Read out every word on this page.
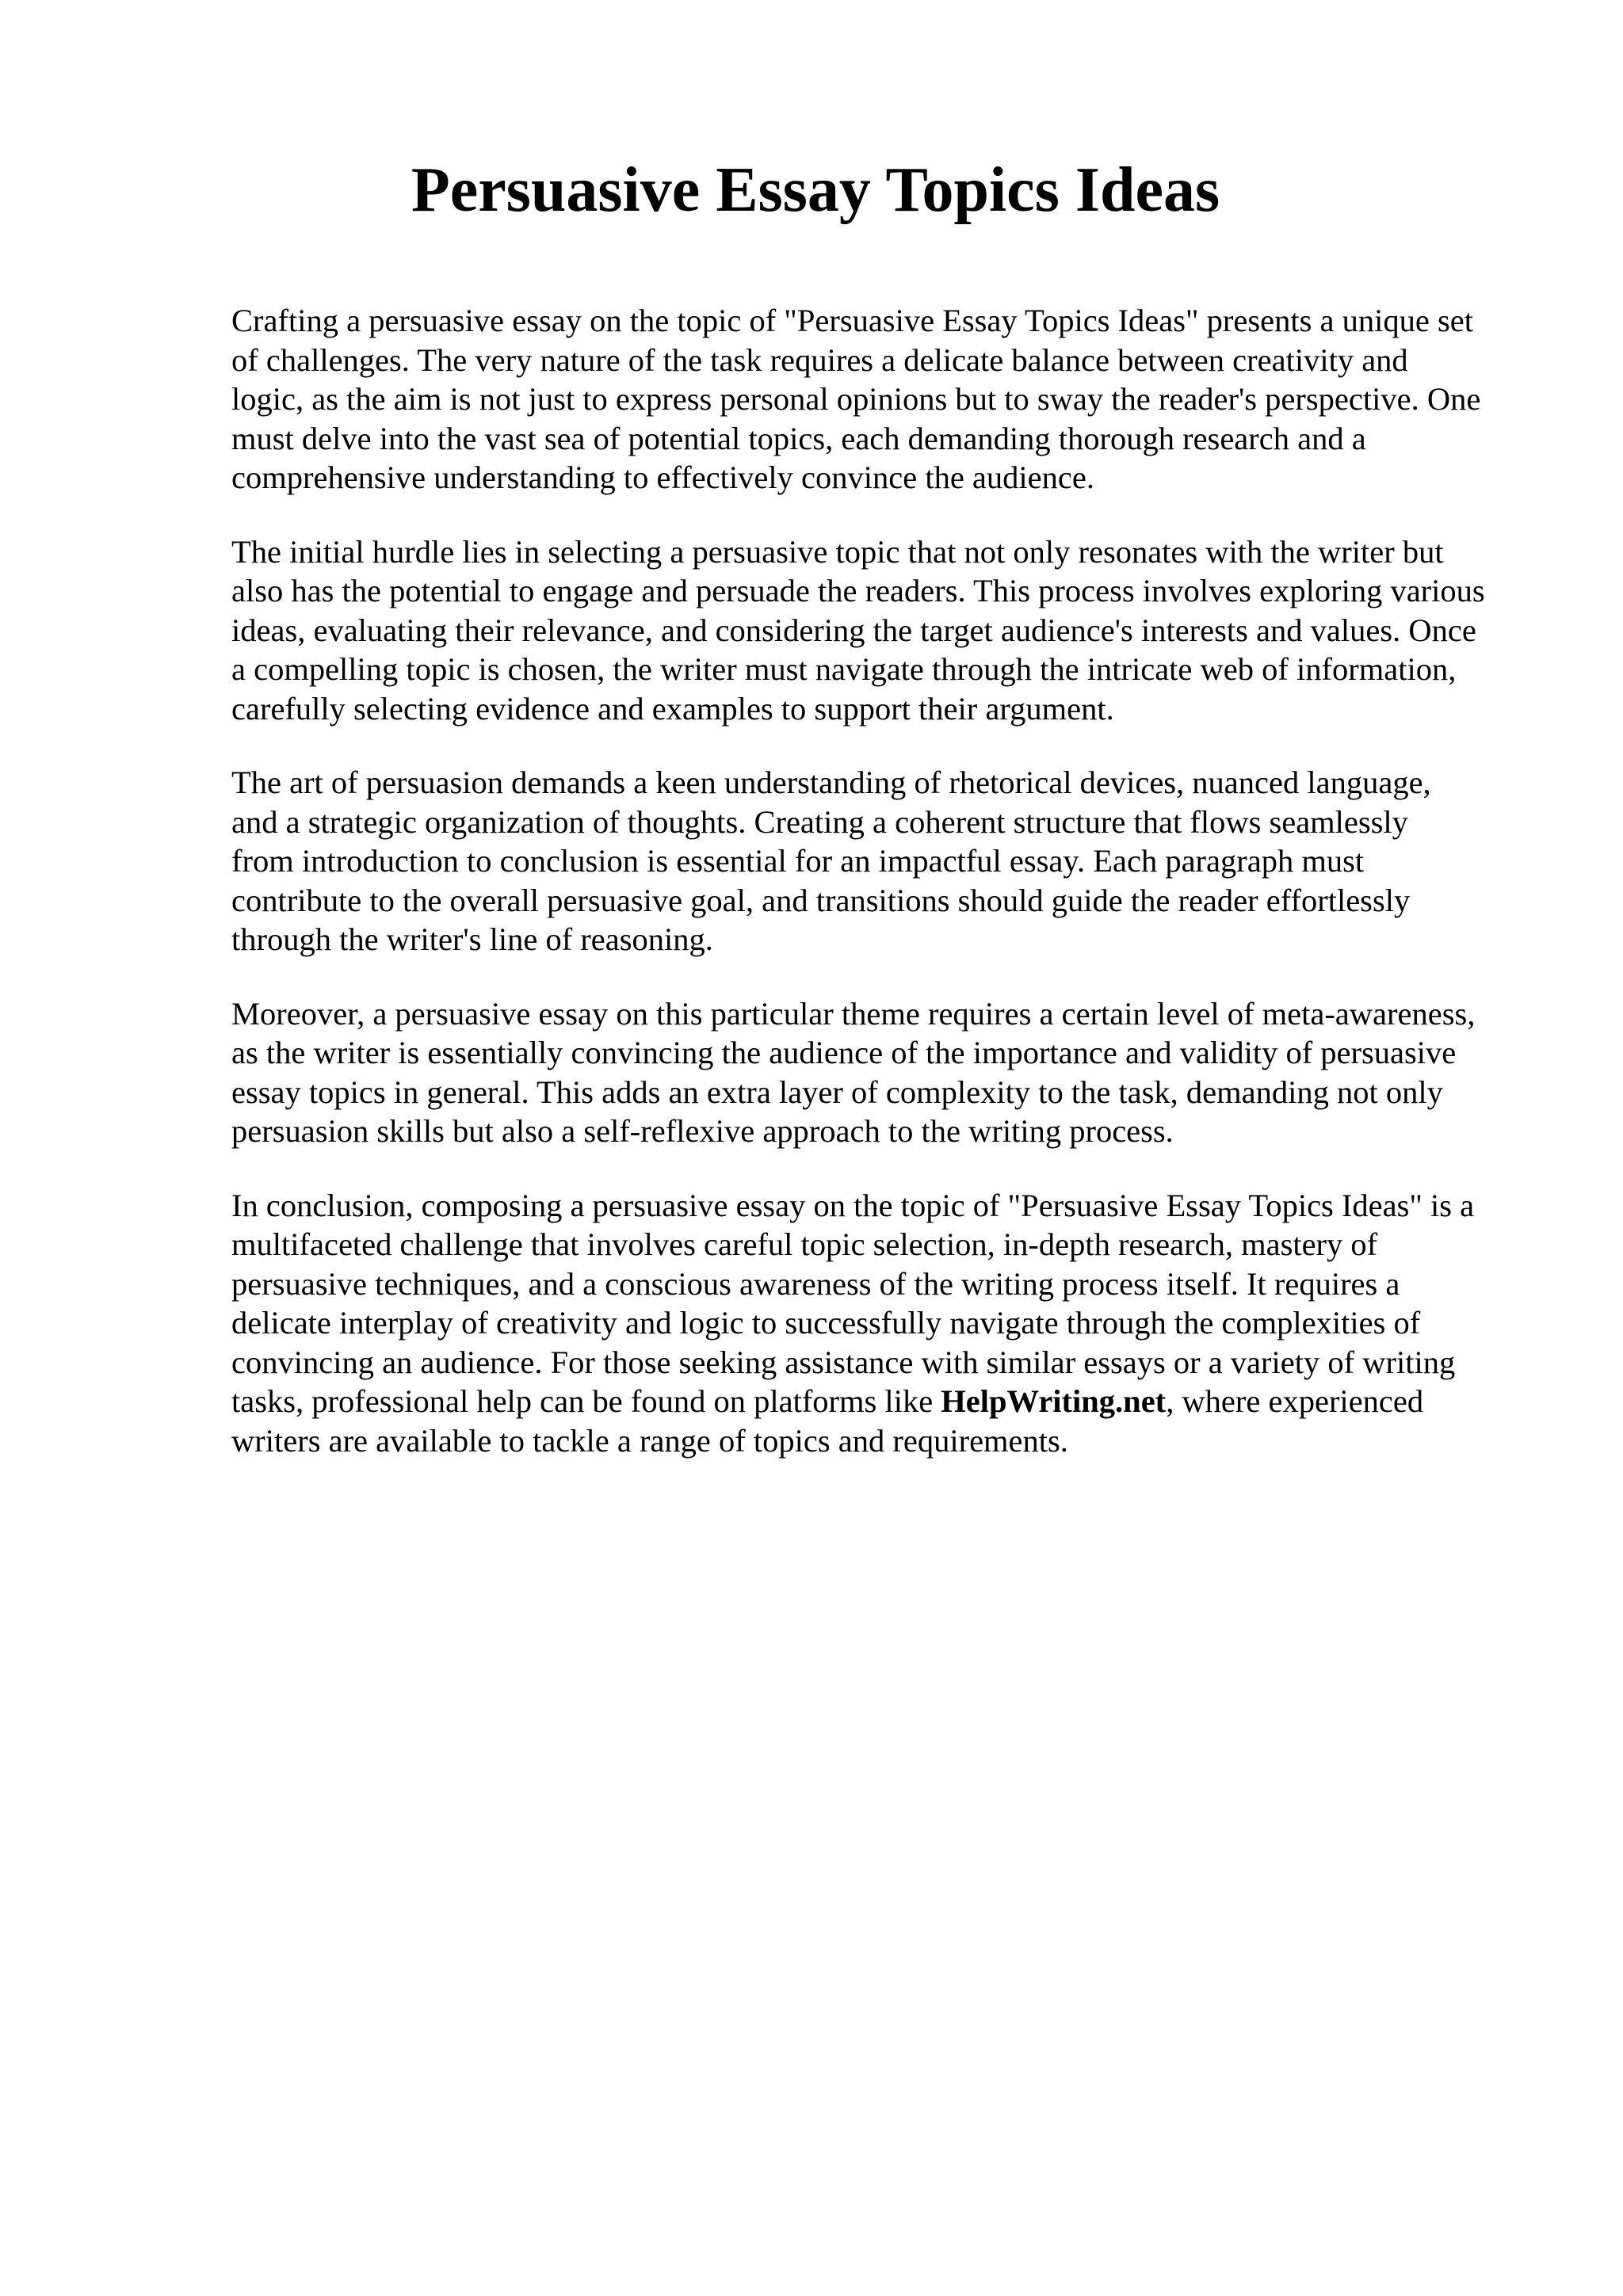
Persuasive Essay Topics Ideas

Crafting a persuasive essay on the topic of "Persuasive Essay Topics Ideas" presents a unique set
of challenges. The very nature of the task requires a delicate balance between creativity and
logic, as the aim is not just to express personal opinions but to sway the reader's perspective. One
must delve into the vast sea of potential topics, each demanding thorough research and a
comprehensive understanding to effectively convince the audience.

The initial hurdle lies in selecting a persuasive topic that not only resonates with the writer but
also has the potential to engage and persuade the readers. This process involves exploring various
ideas, evaluating their relevance, and considering the target audience's interests and values. Once
a compelling topic is chosen, the writer must navigate through the intricate web of information,
carefully selecting evidence and examples to support their argument.

The art of persuasion demands a keen understanding of rhetorical devices, nuanced language,
and a strategic organization of thoughts. Creating a coherent structure that flows seamlessly
from introduction to conclusion is essential for an impactful essay. Each paragraph must
contribute to the overall persuasive goal, and transitions should guide the reader effortlessly
through the writer's line of reasoning.

Moreover, a persuasive essay on this particular theme requires a certain level of meta-awareness,
as the writer is essentially convincing the audience of the importance and validity of persuasive
essay topics in general. This adds an extra layer of complexity to the task, demanding not only
persuasion skills but also a self-reflexive approach to the writing process.

In conclusion, composing a persuasive essay on the topic of "Persuasive Essay Topics Ideas" is a
multifaceted challenge that involves careful topic selection, in-depth research, mastery of
persuasive techniques, and a conscious awareness of the writing process itself. It requires a
delicate interplay of creativity and logic to successfully navigate through the complexities of
convincing an audience. For those seeking assistance with similar essays or a variety of writing
tasks, professional help can be found on platforms like HelpWriting.net, where experienced
writers are available to tackle a range of topics and requirements.
